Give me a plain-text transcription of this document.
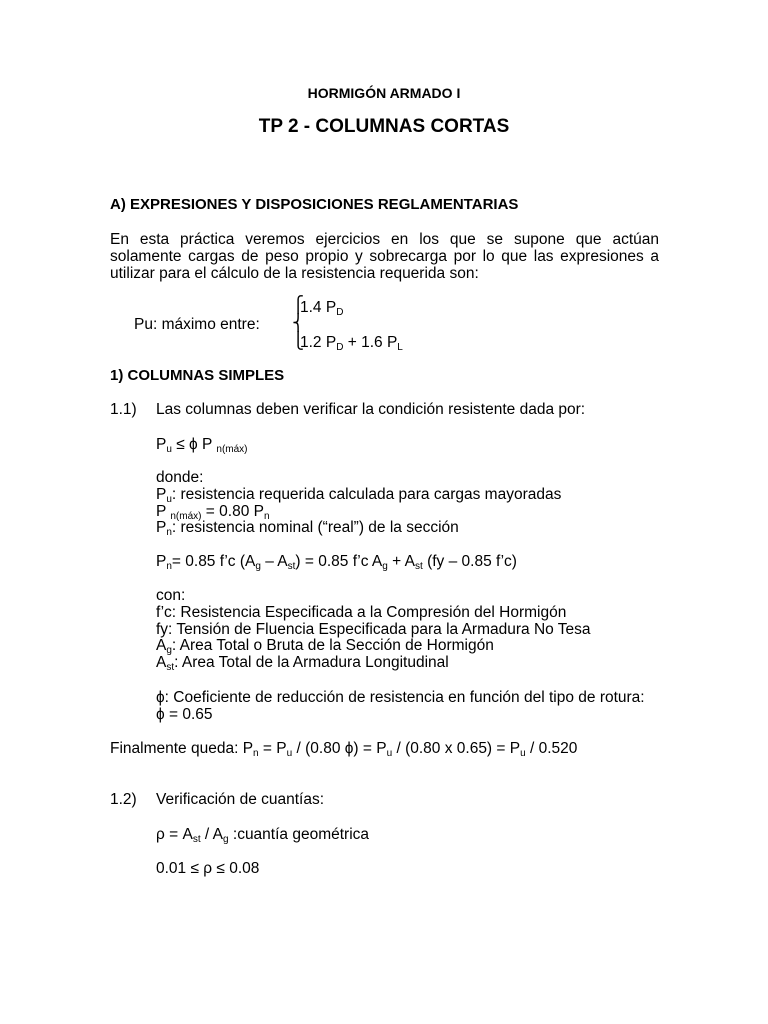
HORMIGÓN ARMADO I
TP 2 - COLUMNAS CORTAS
A) EXPRESIONES Y DISPOSICIONES REGLAMENTARIAS
En esta práctica veremos ejercicios en los que se supone que actúan
solamente cargas de peso propio y sobrecarga por lo que las expresiones a
utilizar para el cálculo de la resistencia requerida son:
Pu: máximo entre:
⎧
⎨
⎩
1.4 $P_D$
1.2 $P_D + 1.6$ $P_L$
1) COLUMNAS SIMPLES
1.1) Las columnas deben verificar la condición resistente dada por:
$P_u \le \phi$ P $_{n(máx)}$
donde:
$P_u$: resistencia requerida calculada para cargas mayoradas
P $_{n(máx)}$ = 0.80 $P_n$
$P_n$: resistencia nominal (“real”) de la sección
$P_n= 0.85$ f’c $(A_g - A_{st}) = 0.85$ f’c $A_g + A_{st}$ (fy – 0.85 f’c)
con:
f’c: Resistencia Especificada a la Compresión del Hormigón
fy: Tensión de Fluencia Especificada para la Armadura No Tesa
$A_g$: Area Total o Bruta de la Sección de Hormigón
$A_{st}$: Area Total de la Armadura Longitudinal
ϕ: Coeficiente de reducción de resistencia en función del tipo de rotura:
ϕ = 0.65
Finalmente queda: $P_n = P_u / (0.80$ $\phi) = P_u / (0.80$ x $0.65) = P_u / 0.520$
1.2) Verificación de cuantías:
$\rho = A_{st} / A_g$ :cuantía geométrica
0.01 ≤ ρ ≤ 0.08
